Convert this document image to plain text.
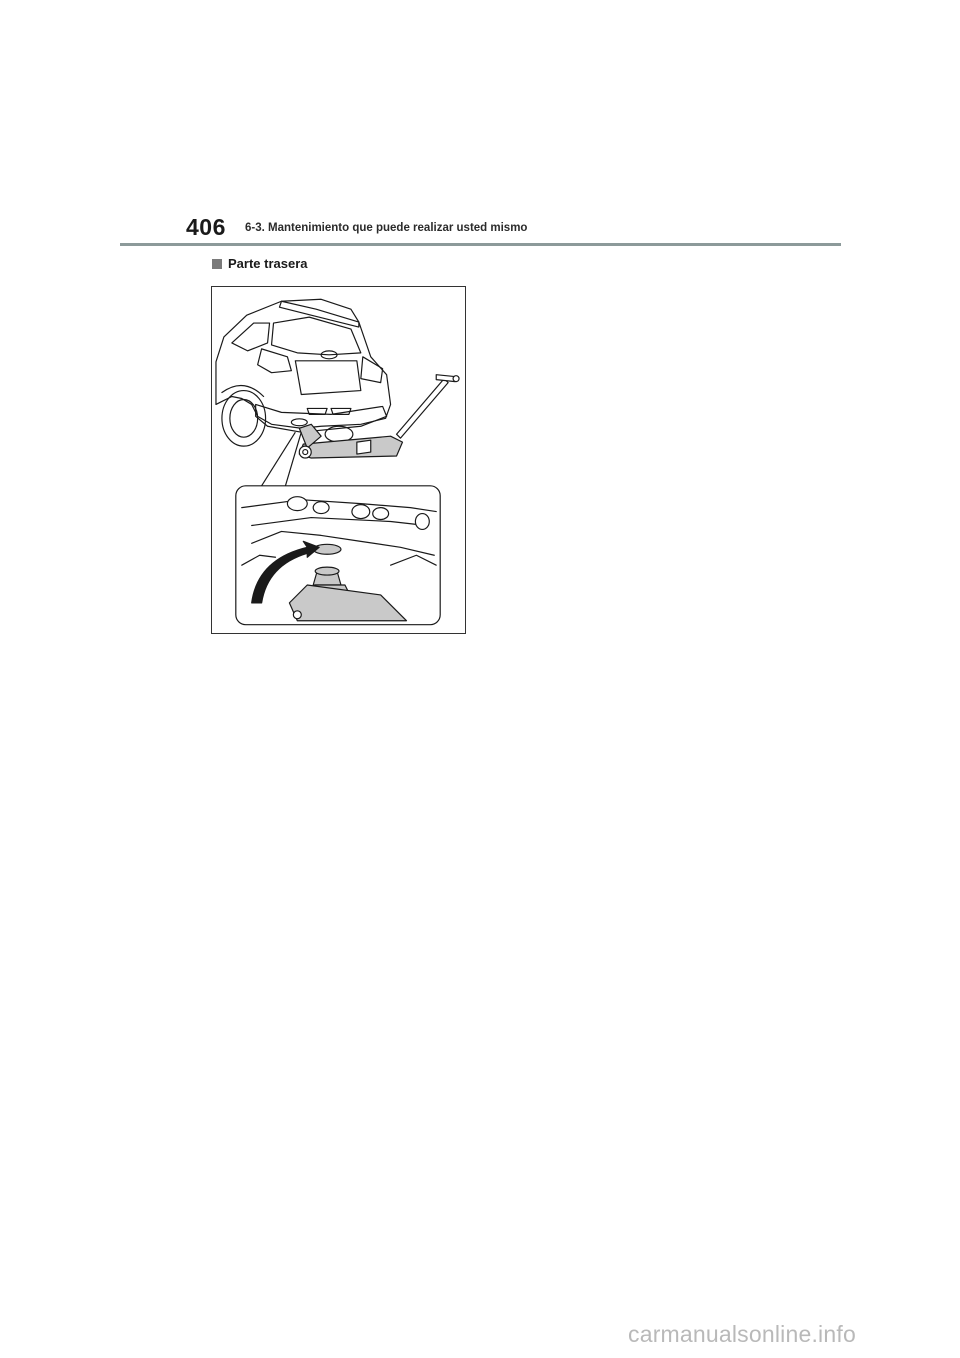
406 6-3. Mantenimiento que puede realizar usted mismo
Parte trasera
carmanualsonline.info
